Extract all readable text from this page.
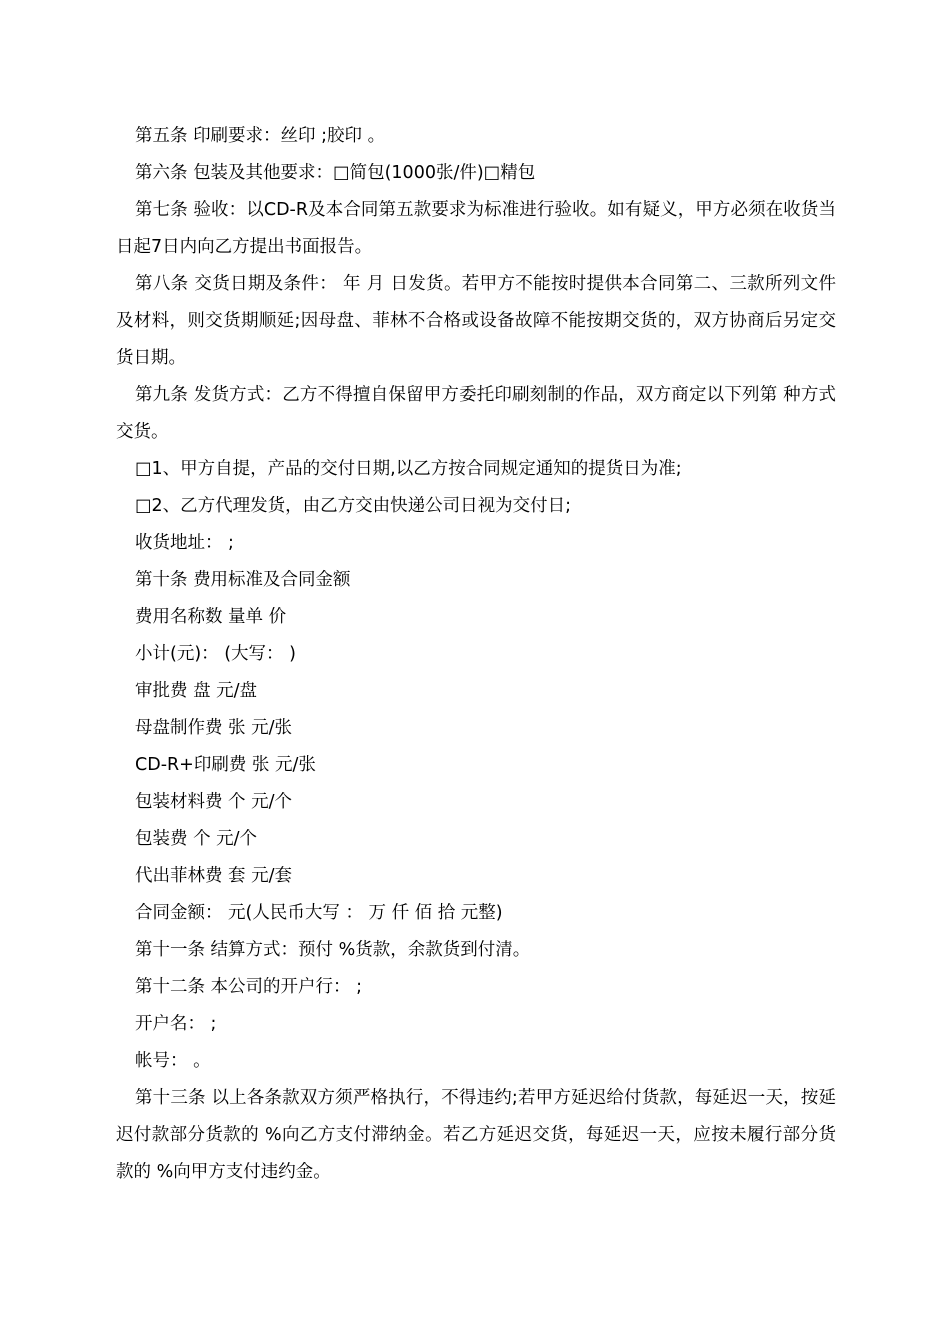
第五条 印刷要求：丝印 ;胶印 。

第六条 包装及其他要求：□简包(1000张/件)□精包

第七条 验收：以CD-R及本合同第五款要求为标准进行验收。如有疑义，甲方必须在收货当日起7日内向乙方提出书面报告。

第八条 交货日期及条件： 年 月 日发货。若甲方不能按时提供本合同第二、三款所列文件及材料，则交货期顺延;因母盘、菲林不合格或设备故障不能按期交货的，双方协商后另定交货日期。

第九条 发货方式：乙方不得擅自保留甲方委托印刷刻制的作品，双方商定以下列第 种方式交货。

□1、甲方自提，产品的交付日期,以乙方按合同规定通知的提货日为准;

□2、乙方代理发货，由乙方交由快递公司日视为交付日;

收货地址： ;

第十条 费用标准及合同金额

费用名称数 量单 价

小计(元)： (大写： )

审批费 盘 元/盘

母盘制作费 张 元/张

CD-R+印刷费 张 元/张

包装材料费 个 元/个

包装费 个 元/个

代出菲林费 套 元/套

合同金额： 元(人民币大写 ： 万 仟 佰 拾 元整)

第十一条 结算方式：预付 %货款，余款货到付清。

第十二条 本公司的开户行： ;

开户名： ;

帐号： 。

第十三条 以上各条款双方须严格执行，不得违约;若甲方延迟给付货款，每延迟一天，按延迟付款部分货款的 %向乙方支付滞纳金。若乙方延迟交货，每延迟一天，应按未履行部分货款的 %向甲方支付违约金。
